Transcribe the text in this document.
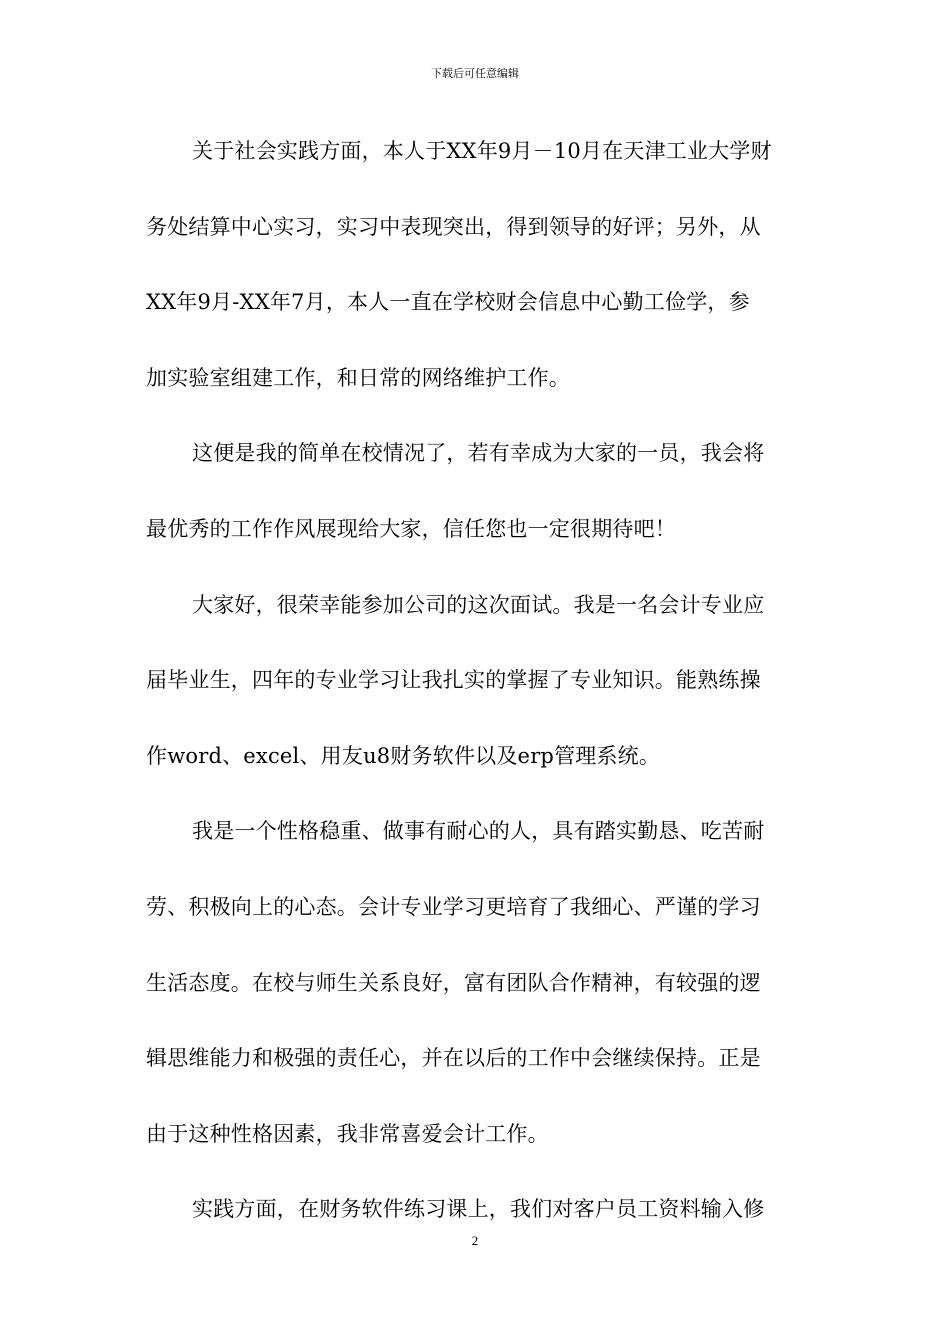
下载后可任意编辑
关于社会实践方面，本人于XX年9月－10月在天津工业大学财
务处结算中心实习，实习中表现突出，得到领导的好评；另外，从
XX年9月-XX年7月，本人一直在学校财会信息中心勤工俭学，参
加实验室组建工作，和日常的网络维护工作。
这便是我的简单在校情况了，若有幸成为大家的一员，我会将
最优秀的工作作风展现给大家，信任您也一定很期待吧！
大家好，很荣幸能参加公司的这次面试。我是一名会计专业应
届毕业生，四年的专业学习让我扎实的掌握了专业知识。能熟练操
作word、excel、用友u8财务软件以及erp管理系统。
我是一个性格稳重、做事有耐心的人，具有踏实勤恳、吃苦耐
劳、积极向上的心态。会计专业学习更培育了我细心、严谨的学习
生活态度。在校与师生关系良好，富有团队合作精神，有较强的逻
辑思维能力和极强的责任心，并在以后的工作中会继续保持。正是
由于这种性格因素，我非常喜爱会计工作。
实践方面，在财务软件练习课上，我们对客户员工资料输入修
2
